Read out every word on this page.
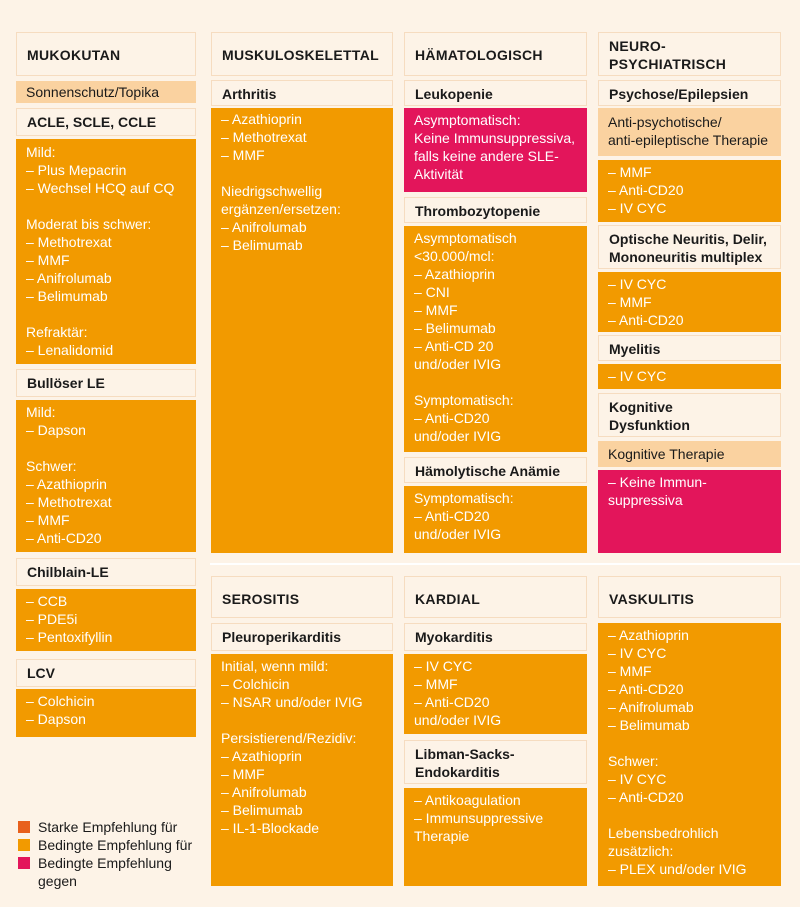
MUKOKUTAN
Sonnenschutz/Topika
ACLE, SCLE, CCLE
Mild:
– Plus Mepacrin
– Wechsel HCQ auf CQ
Moderat bis schwer:
– Methotrexat
– MMF
– Anifrolumab
– Belimumab
Refraktär:
– Lenalidomid
Bullöser LE
Mild:
– Dapson
Schwer:
– Azathioprin
– Methotrexat
– MMF
– Anti-CD20
Chilblain-LE
– CCB
– PDE5i
– Pentoxifyllin
LCV
– Colchicin
– Dapson
MUSKULOSKELETTAL
Arthritis
– Azathioprin
– Methotrexat
– MMF
Niedrigschwellig
ergänzen/ersetzen:
– Anifrolumab
– Belimumab
HÄMATOLOGISCH
Leukopenie
Asymptomatisch:
Keine Immunsuppressiva,
falls keine andere SLE-
Aktivität
Thrombozytopenie
Asymptomatisch
<30.000/mcl:
– Azathioprin
– CNI
– MMF
– Belimumab
– Anti-CD 20
und/oder IVIG
Symptomatisch:
– Anti-CD20
und/oder IVIG
Hämolytische Anämie
Symptomatisch:
– Anti-CD20
und/oder IVIG
NEURO-
PSYCHIATRISCH
Psychose/Epilepsien
Anti-psychotische/
anti-epileptische Therapie
– MMF
– Anti-CD20
– IV CYC
Optische Neuritis, Delir,
Mononeuritis multiplex
– IV CYC
– MMF
– Anti-CD20
Myelitis
– IV CYC
Kognitive
Dysfunktion
Kognitive Therapie
– Keine Immun-
suppressiva
SEROSITIS
Pleuroperikarditis
Initial, wenn mild:
– Colchicin
– NSAR und/oder IVIG
Persistierend/Rezidiv:
– Azathioprin
– MMF
– Anifrolumab
– Belimumab
– IL-1-Blockade
KARDIAL
Myokarditis
– IV CYC
– MMF
– Anti-CD20
und/oder IVIG
Libman-Sacks-
Endokarditis
– Antikoagulation
– Immunsuppressive
Therapie
VASKULITIS
– Azathioprin
– IV CYC
– MMF
– Anti-CD20
– Anifrolumab
– Belimumab
Schwer:
– IV CYC
– Anti-CD20
Lebensbedrohlich
zusätzlich:
– PLEX und/oder IVIG
Starke Empfehlung für
Bedingte Empfehlung für
Bedingte Empfehlung
gegen
